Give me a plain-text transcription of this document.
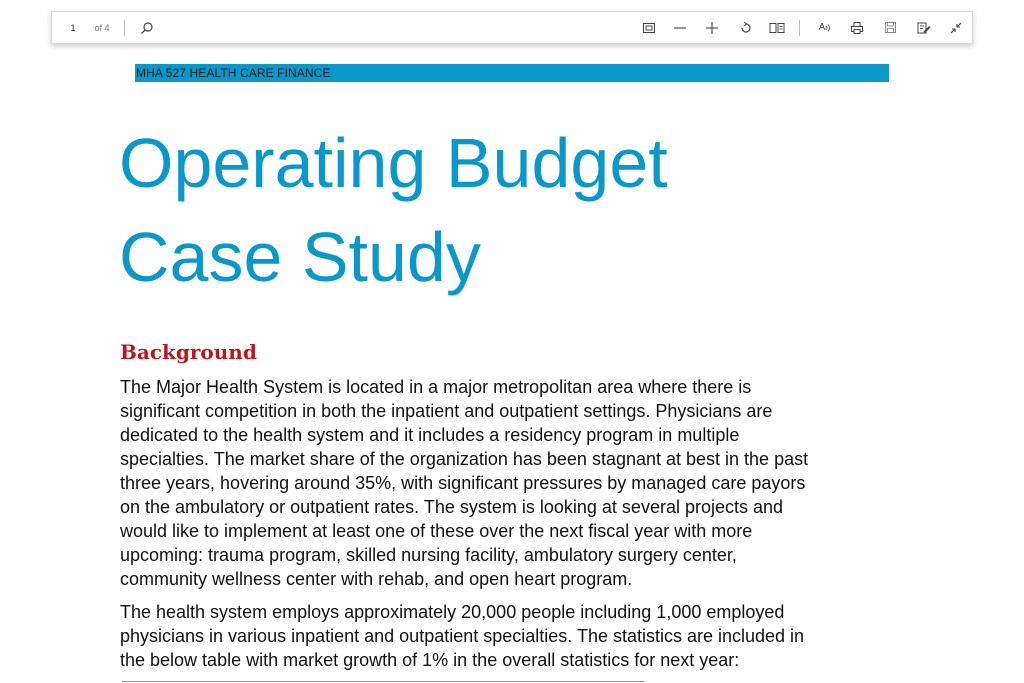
1	of 4	A
MHA 527 HEALTH CARE FINANCE
Operating Budget
Case Study
Background

The Major Health System is located in a major metropolitan area where there is
significant competition in both the inpatient and outpatient settings. Physicians are
dedicated to the health system and it includes a residency program in multiple
specialties. The market share of the organization has been stagnant at best in the past
three years, hovering around 35%, with significant pressures by managed care payors
on the ambulatory or outpatient rates. The system is looking at several projects and
would like to implement at least one of these over the next fiscal year with more
upcoming: trauma program, skilled nursing facility, ambulatory surgery center,
community wellness center with rehab, and open heart program.

The health system employs approximately 20,000 people including 1,000 employed
physicians in various inpatient and outpatient specialties. The statistics are included in
the below table with market growth of 1% in the overall statistics for next year:
